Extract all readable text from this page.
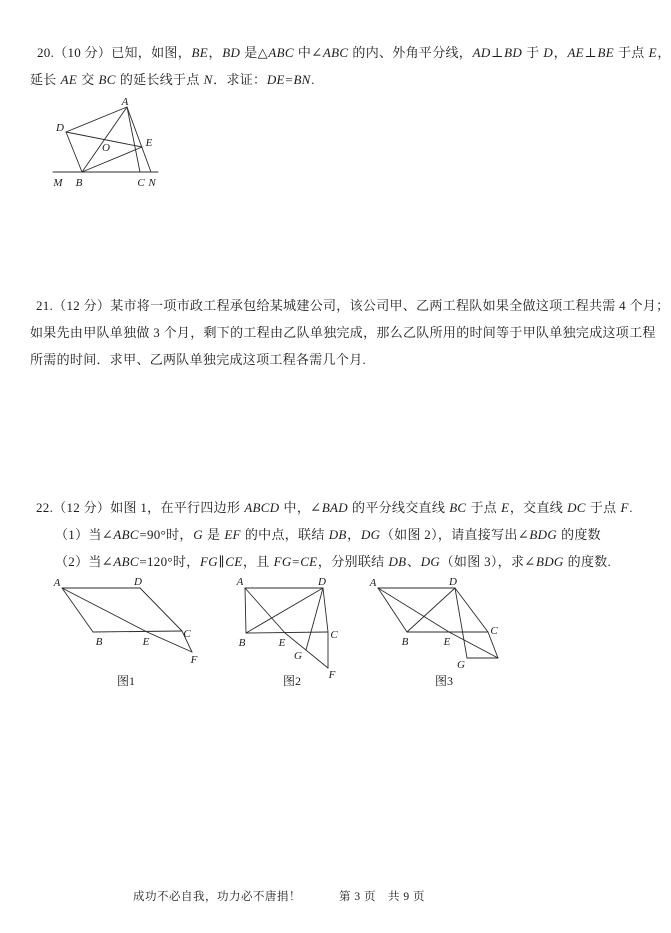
20.（10 分）已知，如图，BE，BD 是△ABC 中∠ABC 的内、外角平分线，AD⊥BD 于 D，AE⊥BE 于点 E，
延长 AE 交 BC 的延长线于点 N．求证：DE=BN.
A
D
O	E
M B	C N
21.（12 分）某市将一项市政工程承包给某城建公司，该公司甲、乙两工程队如果全做这项工程共需 4 个月；
如果先由甲队单独做 3 个月，剩下的工程由乙队单独完成，那么乙队所用的时间等于甲队单独完成这项工程
所需的时间．求甲、乙两队单独完成这项工程各需几个月.
22.（12 分）如图 1，在平行四边形 ABCD 中，∠BAD 的平分线交直线 BC 于点 E，交直线 DC 于点 F.
（1）当∠ABC=90°时，G 是 EF 的中点，联结 DB，DG（如图 2），请直接写出∠BDG 的度数
（2）当∠ABC=120°时，FG∥CE，且 FG=CE，分别联结 DB、DG（如图 3），求∠BDG 的度数.
A	D
B	E
C
F
图1
A	D
B	E
C
G
F
图2
A	D
B	E
C
G
图3
成功不必自我，功力必不唐捐！	第 3 页　共 9 页
